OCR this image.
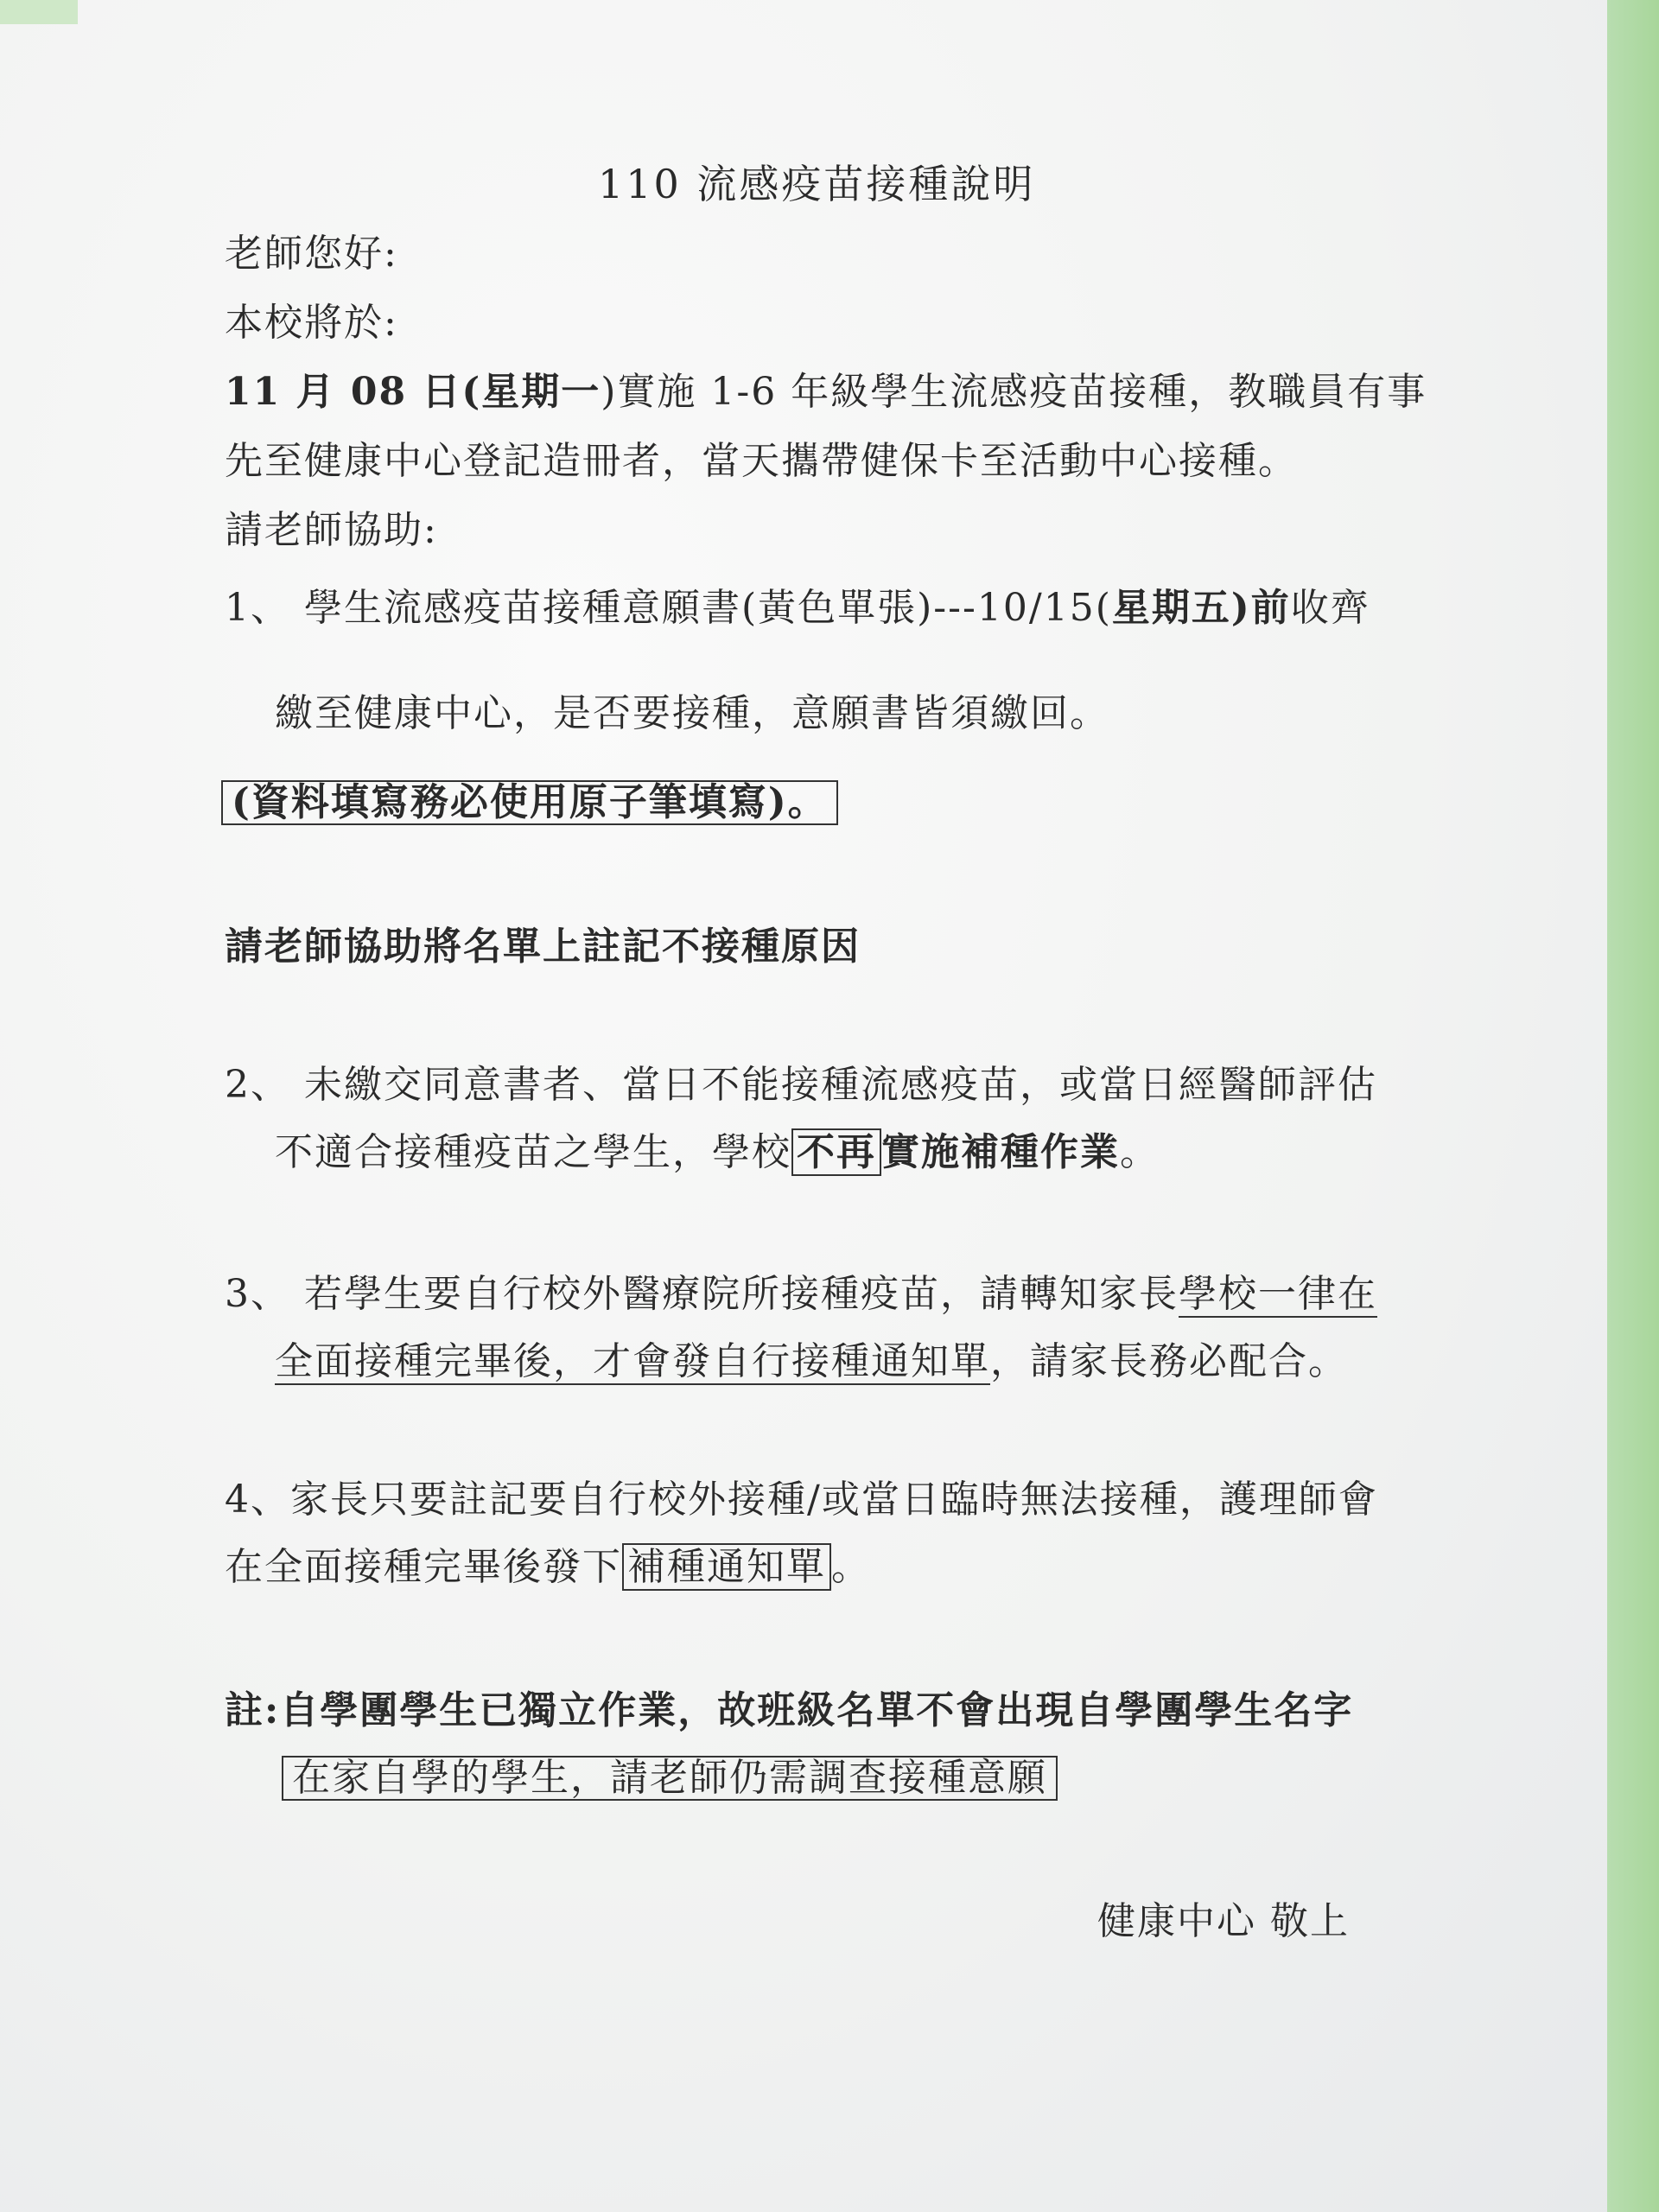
110 流感疫苗接種說明
老師您好:
本校將於:
11 月 08 日(星期一)實施 1-6 年級學生流感疫苗接種，教職員有事
先至健康中心登記造冊者，當天攜帶健保卡至活動中心接種。
請老師協助:
1、 學生流感疫苗接種意願書(黃色單張)---10/15(星期五)前收齊
繳至健康中心，是否要接種，意願書皆須繳回。
(資料填寫務必使用原子筆填寫)。
請老師協助將名單上註記不接種原因
2、 未繳交同意書者、當日不能接種流感疫苗，或當日經醫師評估
不適合接種疫苗之學生，學校 不再 實施補種作業。
3、 若學生要自行校外醫療院所接種疫苗，請轉知家長學校一律在
全面接種完畢後，才會發自行接種通知單，請家長務必配合。
4、家長只要註記要自行校外接種/或當日臨時無法接種，護理師會
在全面接種完畢後發下 補種通知單 。
註:自學團學生已獨立作業，故班級名單不會出現自學團學生名字
在家自學的學生，請老師仍需調查接種意願
健康中心 敬上
